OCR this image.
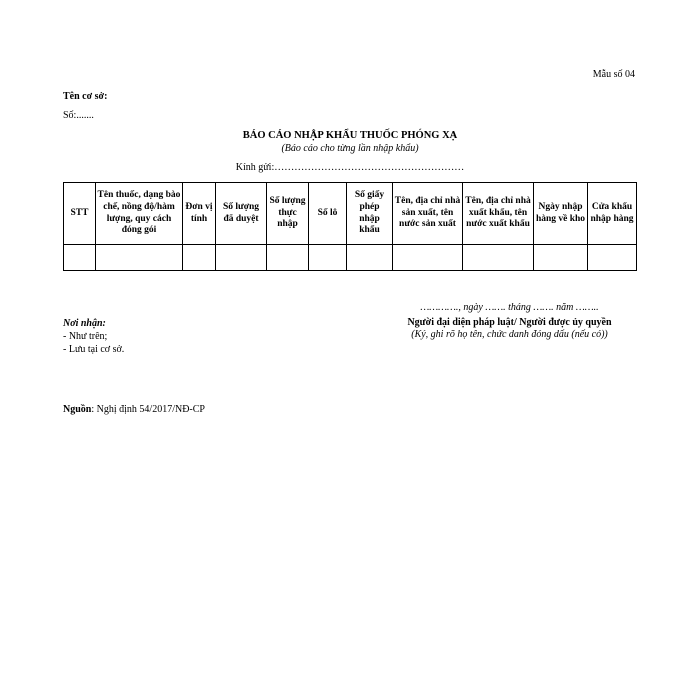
Mẫu số 04
Tên cơ sở:
Số:.......
BÁO CÁO NHẬP KHẨU THUỐC PHÓNG XẠ
(Báo cáo cho từng lần nhập khẩu)
Kính gửi:…………………………………………………
STT	Tên thuốc, dạng bào chế, nồng độ/hàm lượng, quy cách đóng gói	Đơn vị tính	Số lượng đã duyệt	Số lượng thực nhập	Số lô	Số giấy phép nhập khẩu	Tên, địa chỉ nhà sản xuất, tên nước sản xuất	Tên, địa chỉ nhà xuất khẩu, tên nước xuất khẩu	Ngày nhập hàng về kho	Cửa khẩu nhập hàng

…………., ngày ……. tháng ……. năm ……..
Người đại diện pháp luật/ Người được ủy quyền
(Ký, ghi rõ họ tên, chức danh đóng dấu (nếu có))
Nơi nhận:
- Như trên;
- Lưu tại cơ sở.
Nguồn: Nghị định 54/2017/NĐ-CP
